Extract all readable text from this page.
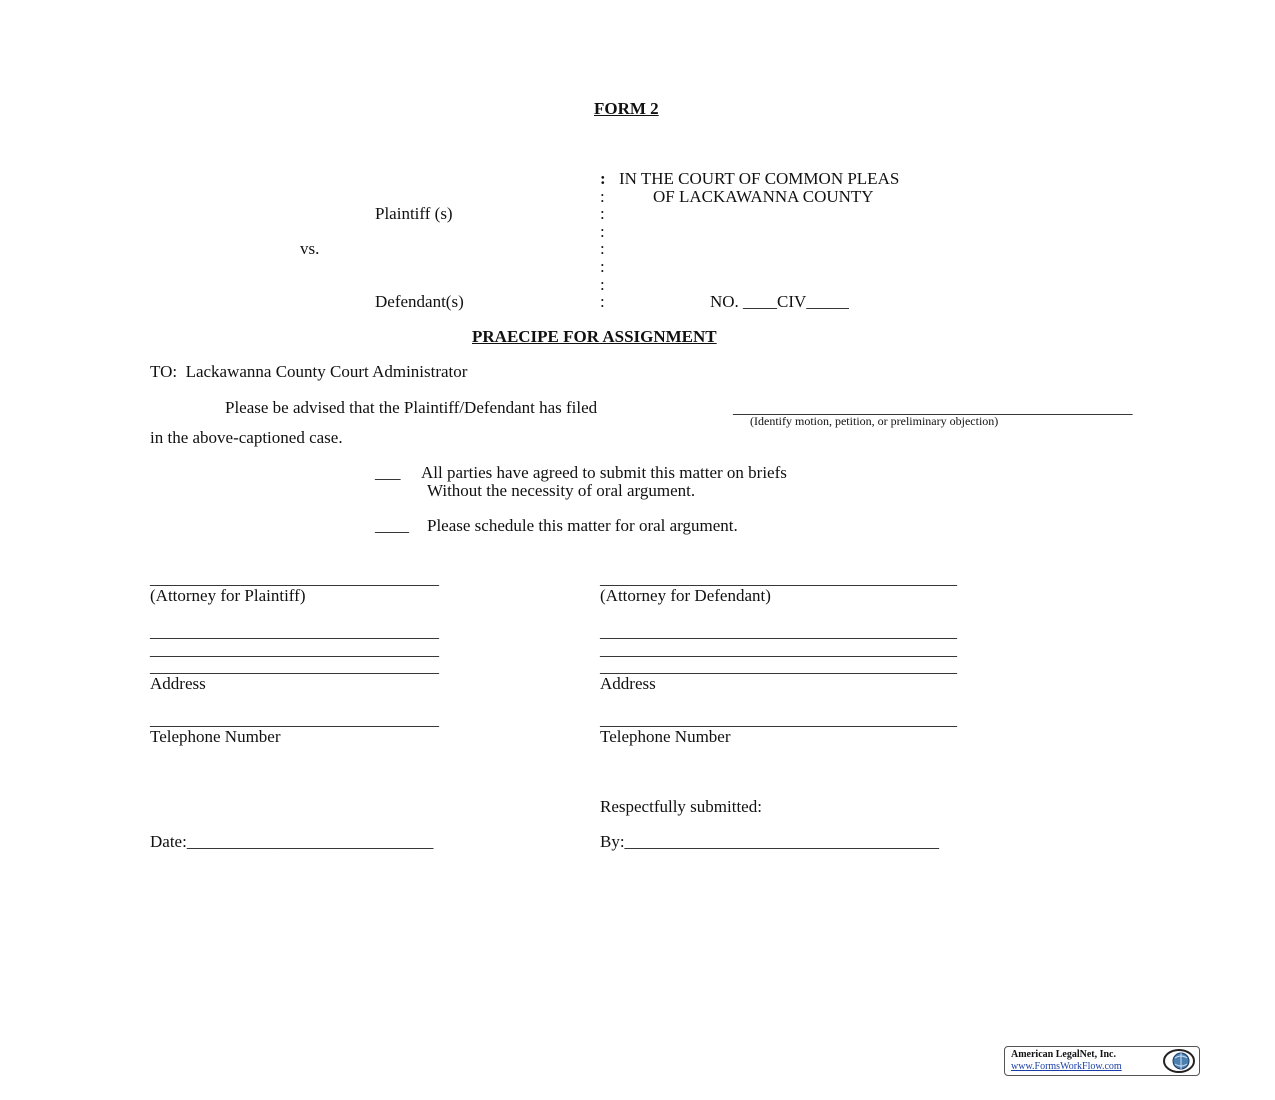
FORM 2
: IN THE COURT OF COMMON PLEAS
:	OF LACKAWANNA COUNTY
Plaintiff (s)	:
:
vs.	:
:
:
Defendant(s)	:	NO. ____CIV_____
PRAECIPE FOR ASSIGNMENT
TO:  Lackawanna County Court Administrator
Please be advised that the Plaintiff/Defendant has filed	_______________________________________________
(Identify motion, petition, or preliminary objection)
in the above-captioned case.
___ All parties have agreed to submit this matter on briefs
Without the necessity of oral argument.
____ Please schedule this matter for oral argument.
__________________________________
(Attorney for Plaintiff)
__________________________________
__________________________________
__________________________________
Address
__________________________________
Telephone Number
Date:_____________________________
__________________________________________
(Attorney for Defendant)
__________________________________________
__________________________________________
__________________________________________
Address
__________________________________________
Telephone Number
Respectfully submitted:
By:_____________________________________
American LegalNet, Inc.
www.FormsWorkFlow.com
